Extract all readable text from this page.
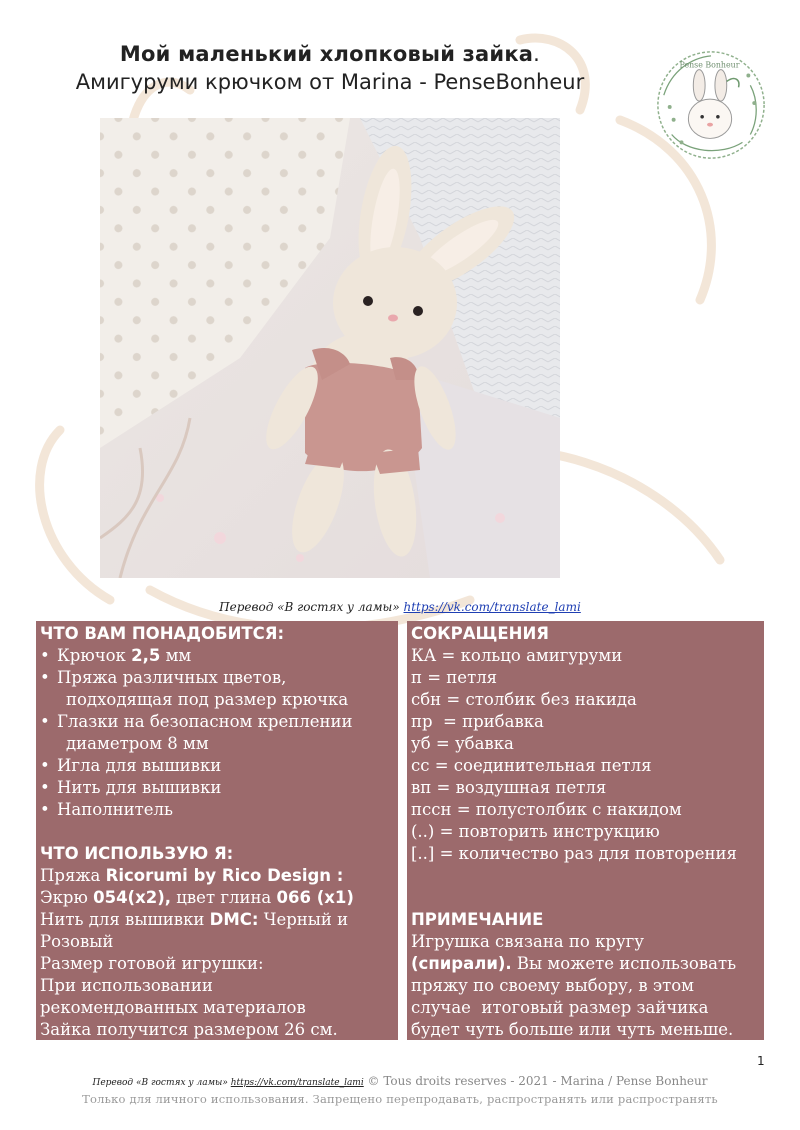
Мой маленький хлопковый зайка.
Амигуруми крючком от Marina - PenseBonheur
Pense Bonheur
Перевод «В гостях у ламы» https://vk.com/translate_lami
ЧТО ВАМ ПОНАДОБИТСЯ:
• Крючок 2,5 мм
• Пряжа различных цветов,
подходящая под размер крючка
• Глазки на безопасном креплении
диаметром 8 мм
• Игла для вышивки
• Нить для вышивки
• Наполнитель
ЧТО ИСПОЛЬЗУЮ Я:
Пряжа Ricorumi by Rico Design :
Экрю 054(x2), цвет глина 066 (x1)
Нить для вышивки DMC: Черный и
Розовый
Размер готовой игрушки:
При использовании
рекомендованных материалов
Зайка получится размером 26 см.
СОКРАЩЕНИЯ
КА = кольцо амигуруми
п = петля
сбн = столбик без накида
пр  = прибавка
уб = убавка
сс = соединительная петля
вп = воздушная петля
пссн = полустолбик с накидом
(..) = повторить инструкцию
[..] = количество раз для повторения
ПРИМЕЧАНИЕ
Игрушка связана по кругу
(спирали). Вы можете использовать
пряжу по своему выбору, в этом
случае  итоговый размер зайчика
будет чуть больше или чуть меньше.
1
Перевод «В гостях у ламы» https://vk.com/translate_lami © Tous droits reserves - 2021 - Marina / Pense Bonheur
Только для личного использования. Запрещено перепродавать, распространять или распространять
